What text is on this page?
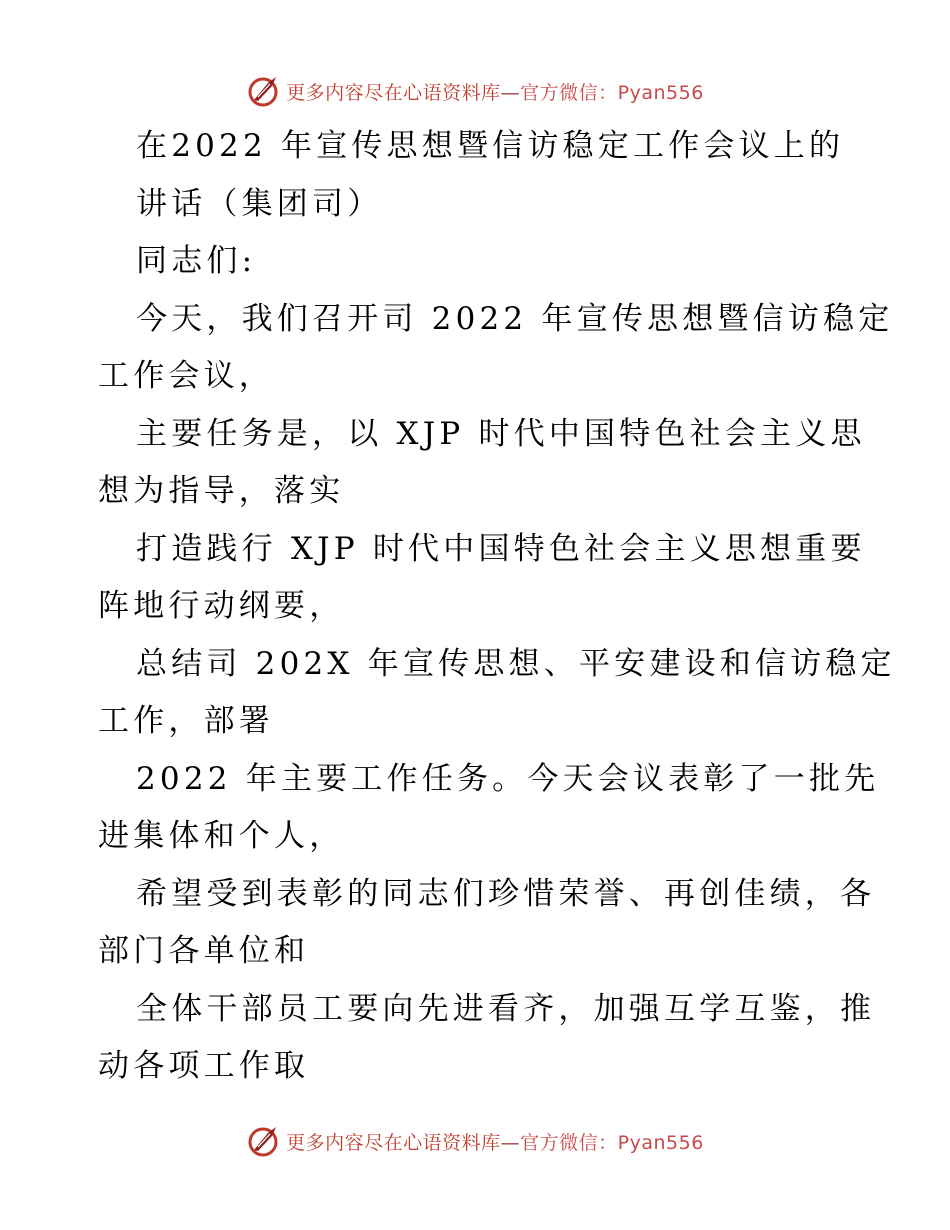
更多内容尽在心语资料库—官方微信：Pyan556
在2022 年宣传思想暨信访稳定工作会议上的
讲话（集团司）
同志们:
今天，我们召开司 2022 年宣传思想暨信访稳定
工作会议，
主要任务是，以 XJP 时代中国特色社会主义思
想为指导，落实
打造践行 XJP 时代中国特色社会主义思想重要
阵地行动纲要，
总结司 202X 年宣传思想、平安建设和信访稳定
工作，部署
2022 年主要工作任务。今天会议表彰了一批先
进集体和个人，
希望受到表彰的同志们珍惜荣誉、再创佳绩，各
部门各单位和
全体干部员工要向先进看齐，加强互学互鉴，推
动各项工作取
更多内容尽在心语资料库—官方微信：Pyan556
